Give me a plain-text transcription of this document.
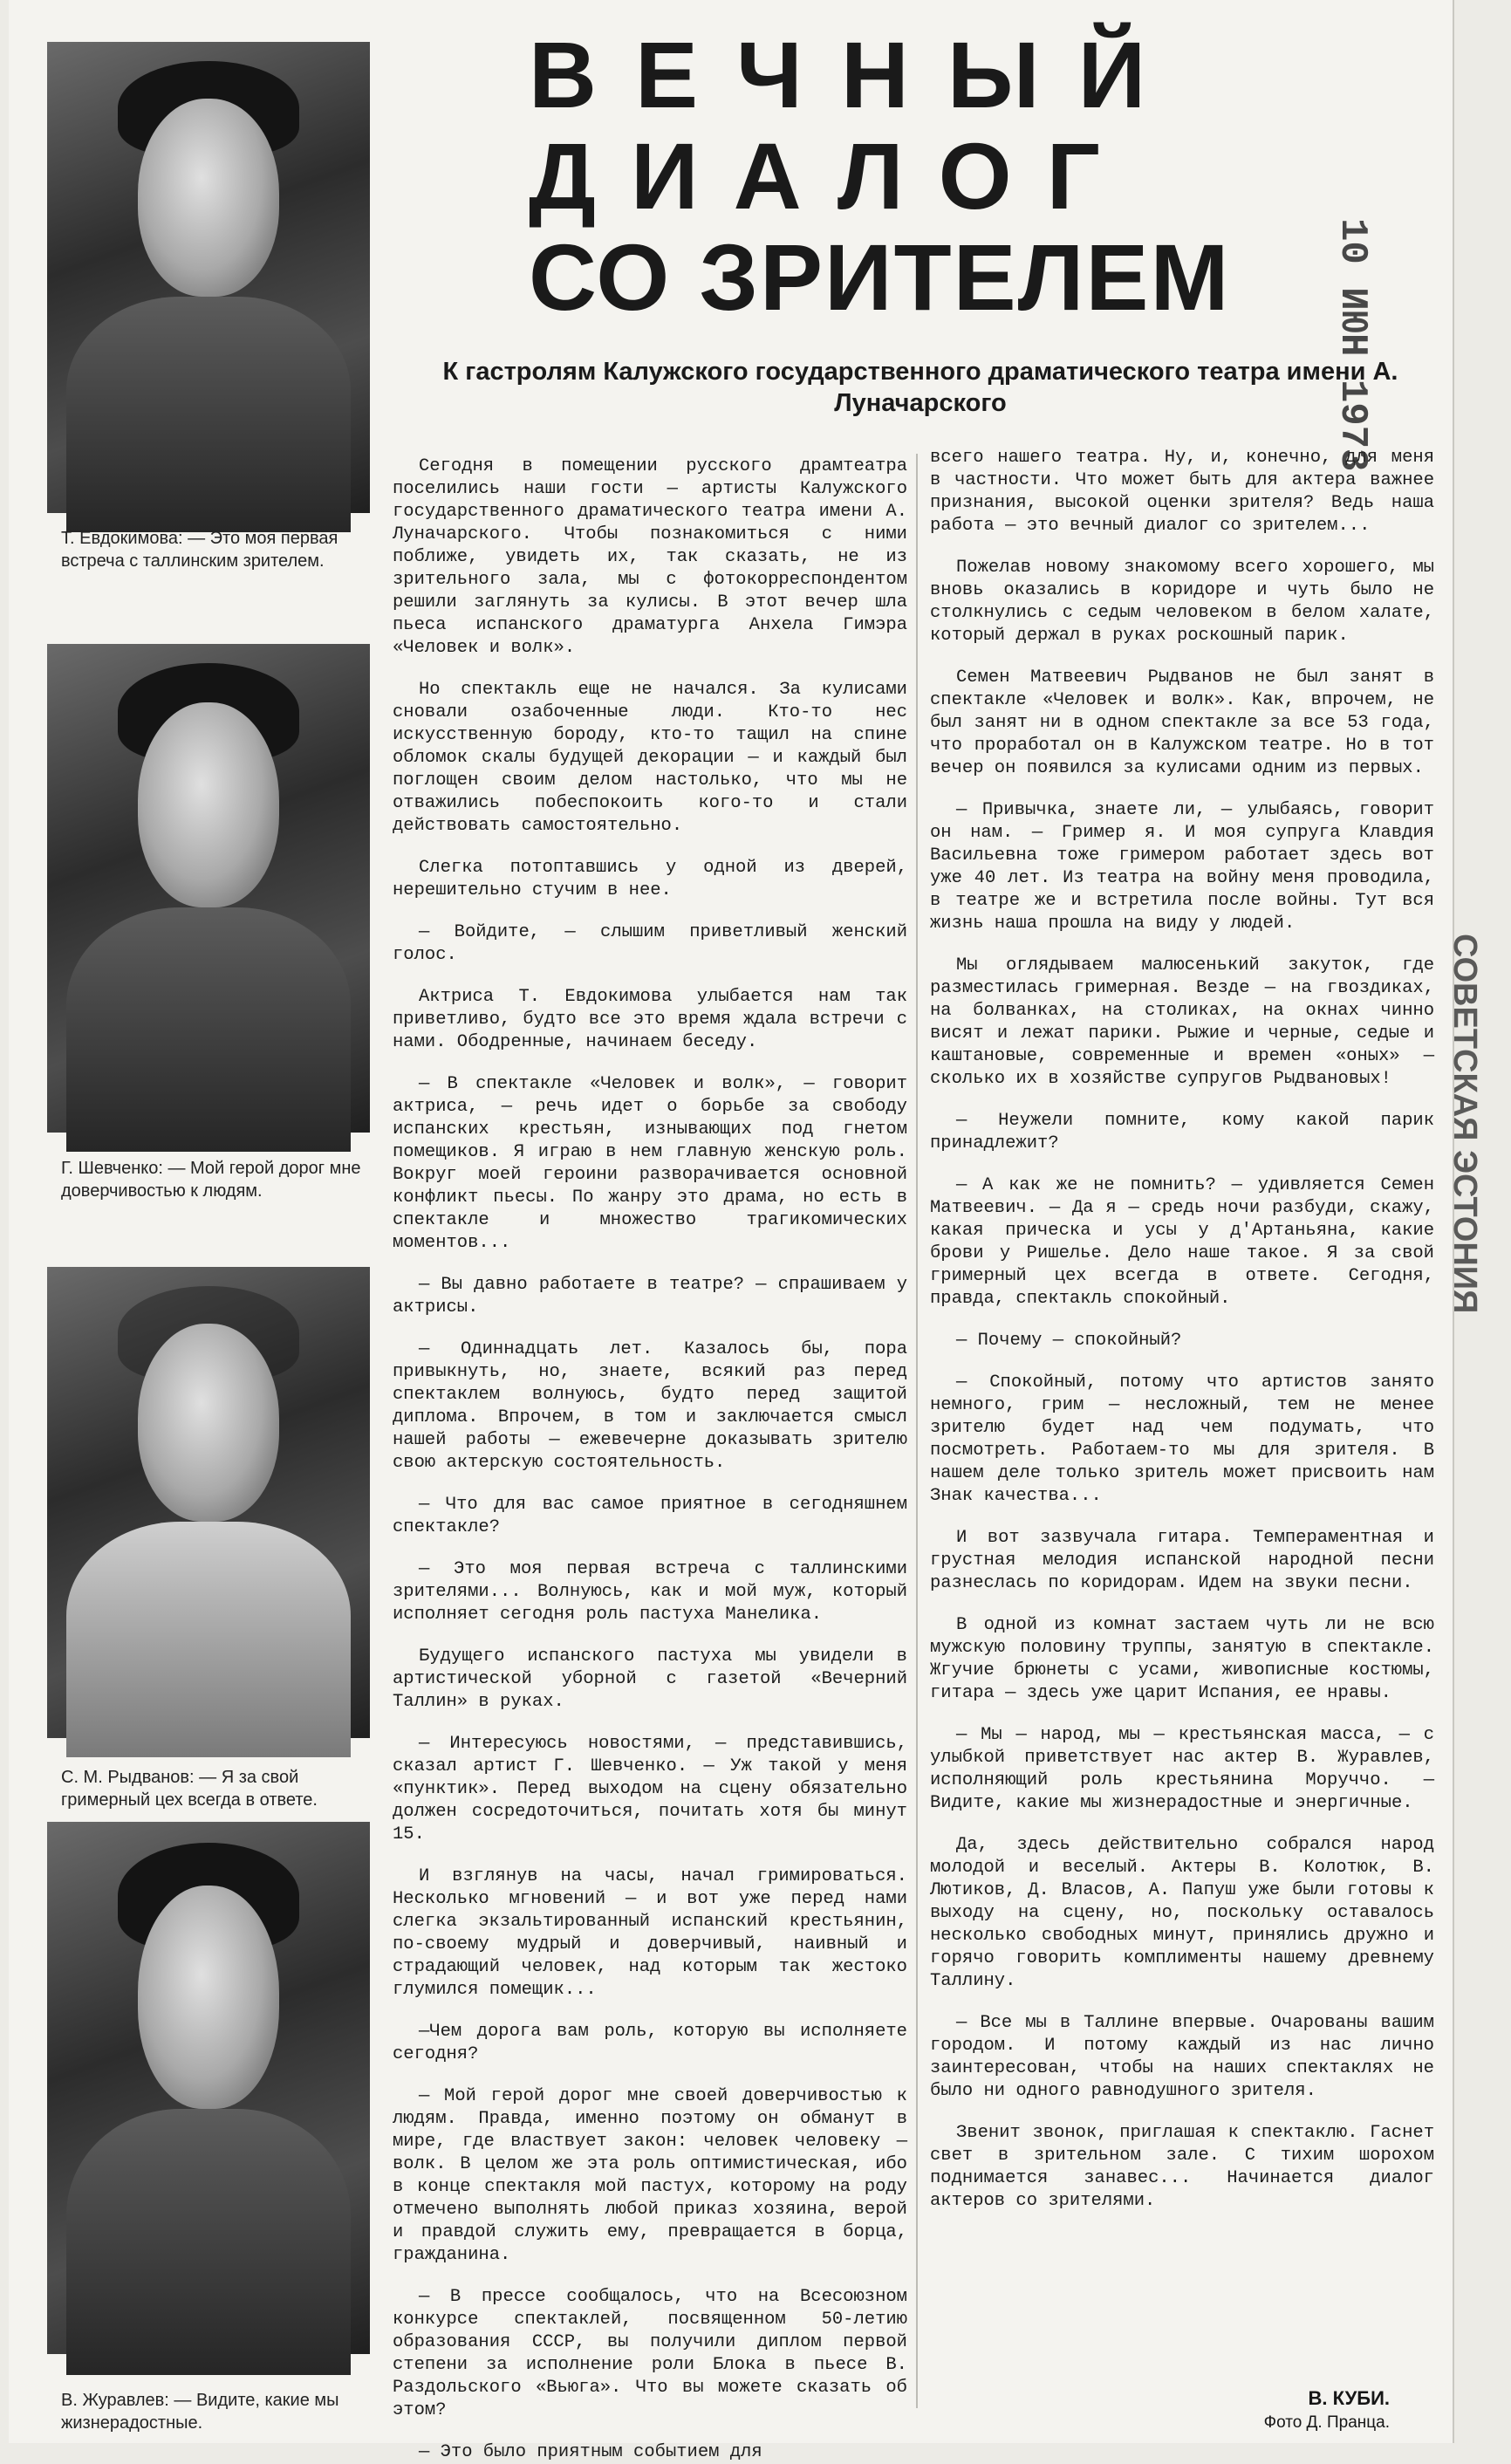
Т. Евдокимова: — Это моя первая встреча с таллинским зрителем.
Г. Шевченко: — Мой герой дорог мне доверчивостью к людям.
С. М. Рыдванов: — Я за свой гримерный цех всегда в ответе.
В. Журавлев: — Видите, какие мы жизнерадостные.
ВЕЧНЫЙ
ДИАЛОГ
СО ЗРИТЕЛЕМ
К гастролям Калужского государственного драматического театра имени А. Луначарского

Сегодня в помещении русского драмтеатра поселились наши гости — артисты Калужского государственного драматического театра имени А. Луначарского. Чтобы познакомиться с ними поближе, увидеть их, так сказать, не из зрительного зала, мы с фотокорреспондентом решили заглянуть за кулисы. В этот вечер шла пьеса испанского драматурга Анхела Гимэра «Человек и волк».

Но спектакль еще не начался. За кулисами сновали озабоченные люди. Кто-то нес искусственную бороду, кто-то тащил на спине обломок скалы будущей декорации — и каждый был поглощен своим делом настолько, что мы не отважились побеспокоить кого-то и стали действовать самостоятельно.

Слегка потоптавшись у одной из дверей, нерешительно стучим в нее.

— Войдите, — слышим приветливый женский голос.

Актриса Т. Евдокимова улыбается нам так приветливо, будто все это время ждала встречи с нами. Ободренные, начинаем беседу.

— В спектакле «Человек и волк», — говорит актриса, — речь идет о борьбе за свободу испанских крестьян, изнывающих под гнетом помещиков. Я играю в нем главную женскую роль. Вокруг моей героини разворачивается основной конфликт пьесы. По жанру это драма, но есть в спектакле и множество трагикомических моментов...

— Вы давно работаете в театре? — спрашиваем у актрисы.

— Одиннадцать лет. Казалось бы, пора привыкнуть, но, знаете, всякий раз перед спектаклем волнуюсь, будто перед защитой диплома. Впрочем, в том и заключается смысл нашей работы — ежевечерне доказывать зрителю свою актерскую состоятельность.

— Что для вас самое приятное в сегодняшнем спектакле?

— Это моя первая встреча с таллинскими зрителями... Волнуюсь, как и мой муж, который исполняет сегодня роль пастуха Манелика.

Будущего испанского пастуха мы увидели в артистической уборной с газетой «Вечерний Таллин» в руках.

— Интересуюсь новостями, — представившись, сказал артист Г. Шевченко. — Уж такой у меня «пунктик». Перед выходом на сцену обязательно должен сосредоточиться, почитать хотя бы минут 15.

И взглянув на часы, начал гримироваться. Несколько мгновений — и вот уже перед нами слегка экзальтированный испанский крестьянин, по-своему мудрый и доверчивый, наивный и страдающий человек, над которым так жестоко глумился помещик...

—Чем дорога вам роль, которую вы исполняете сегодня?

— Мой герой дорог мне своей доверчивостью к людям. Правда, именно поэтому он обманут в мире, где властвует закон: человек человеку — волк. В целом же эта роль оптимистическая, ибо в конце спектакля мой пастух, которому на роду отмечено выполнять любой приказ хозяина, верой и правдой служить ему, превращается в борца, гражданина.

— В прессе сообщалось, что на Всесоюзном конкурсе спектаклей, посвященном 50-летию образования СССР, вы получили диплом первой степени за исполнение роли Блока в пьесе В. Раздольского «Вьюга». Что вы можете сказать об этом?

— Это было приятным событием для

всего нашего театра. Ну, и, конечно, для меня в частности. Что может быть для актера важнее признания, высокой оценки зрителя? Ведь наша работа — это вечный диалог со зрителем...

Пожелав новому знакомому всего хорошего, мы вновь оказались в коридоре и чуть было не столкнулись с седым человеком в белом халате, который держал в руках роскошный парик.

Семен Матвеевич Рыдванов не был занят в спектакле «Человек и волк». Как, впрочем, не был занят ни в одном спектакле за все 53 года, что проработал он в Калужском театре. Но в тот вечер он появился за кулисами одним из первых.

— Привычка, знаете ли, — улыбаясь, говорит он нам. — Гример я. И моя супруга Клавдия Васильевна тоже гримером работает здесь вот уже 40 лет. Из театра на войну меня проводила, в театре же и встретила после войны. Тут вся жизнь наша прошла на виду у людей.

Мы оглядываем малюсенький закуток, где разместилась гримерная. Везде — на гвоздиках, на болванках, на столиках, на окнах чинно висят и лежат парики. Рыжие и черные, седые и каштановые, современные и времен «оных» — сколько их в хозяйстве супругов Рыдвановых!

— Неужели помните, кому какой парик принадлежит?

— А как же не помнить? — удивляется Семен Матвеевич. — Да я — средь ночи разбуди, скажу, какая прическа и усы у д'Артаньяна, какие брови у Ришелье. Дело наше такое. Я за свой гримерный цех всегда в ответе. Сегодня, правда, спектакль спокойный.

— Почему — спокойный?

— Спокойный, потому что артистов занято немного, грим — несложный, тем не менее зрителю будет над чем подумать, что посмотреть. Работаем-то мы для зрителя. В нашем деле только зритель может присвоить нам Знак качества...

И вот зазвучала гитара. Темпераментная и грустная мелодия испанской народной песни разнеслась по коридорам. Идем на звуки песни.

В одной из комнат застаем чуть ли не всю мужскую половину труппы, занятую в спектакле. Жгучие брюнеты с усами, живописные костюмы, гитара — здесь уже царит Испания, ее нравы.

— Мы — народ, мы — крестьянская масса, — с улыбкой приветствует нас актер В. Журавлев, исполняющий роль крестьянина Моруччо. — Видите, какие мы жизнерадостные и энергичные.

Да, здесь действительно собрался народ молодой и веселый. Актеры В. Колотюк, В. Лютиков, Д. Власов, А. Папуш уже были готовы к выходу на сцену, но, поскольку оставалось несколько свободных минут, принялись дружно и горячо говорить комплименты нашему древнему Таллину.

— Все мы в Таллине впервые. Очарованы вашим городом. И потому каждый из нас лично заинтересован, чтобы на наших спектаклях не было ни одного равнодушного зрителя.

Звенит звонок, приглашая к спектаклю. Гаснет свет в зрительном зале. С тихим шорохом поднимается занавес... Начинается диалог актеров со зрителями.

В. КУБИ.
Фото Д. Пранца.
10 ИЮН 1973
СОВЕТСКАЯ ЭСТОНИЯ
